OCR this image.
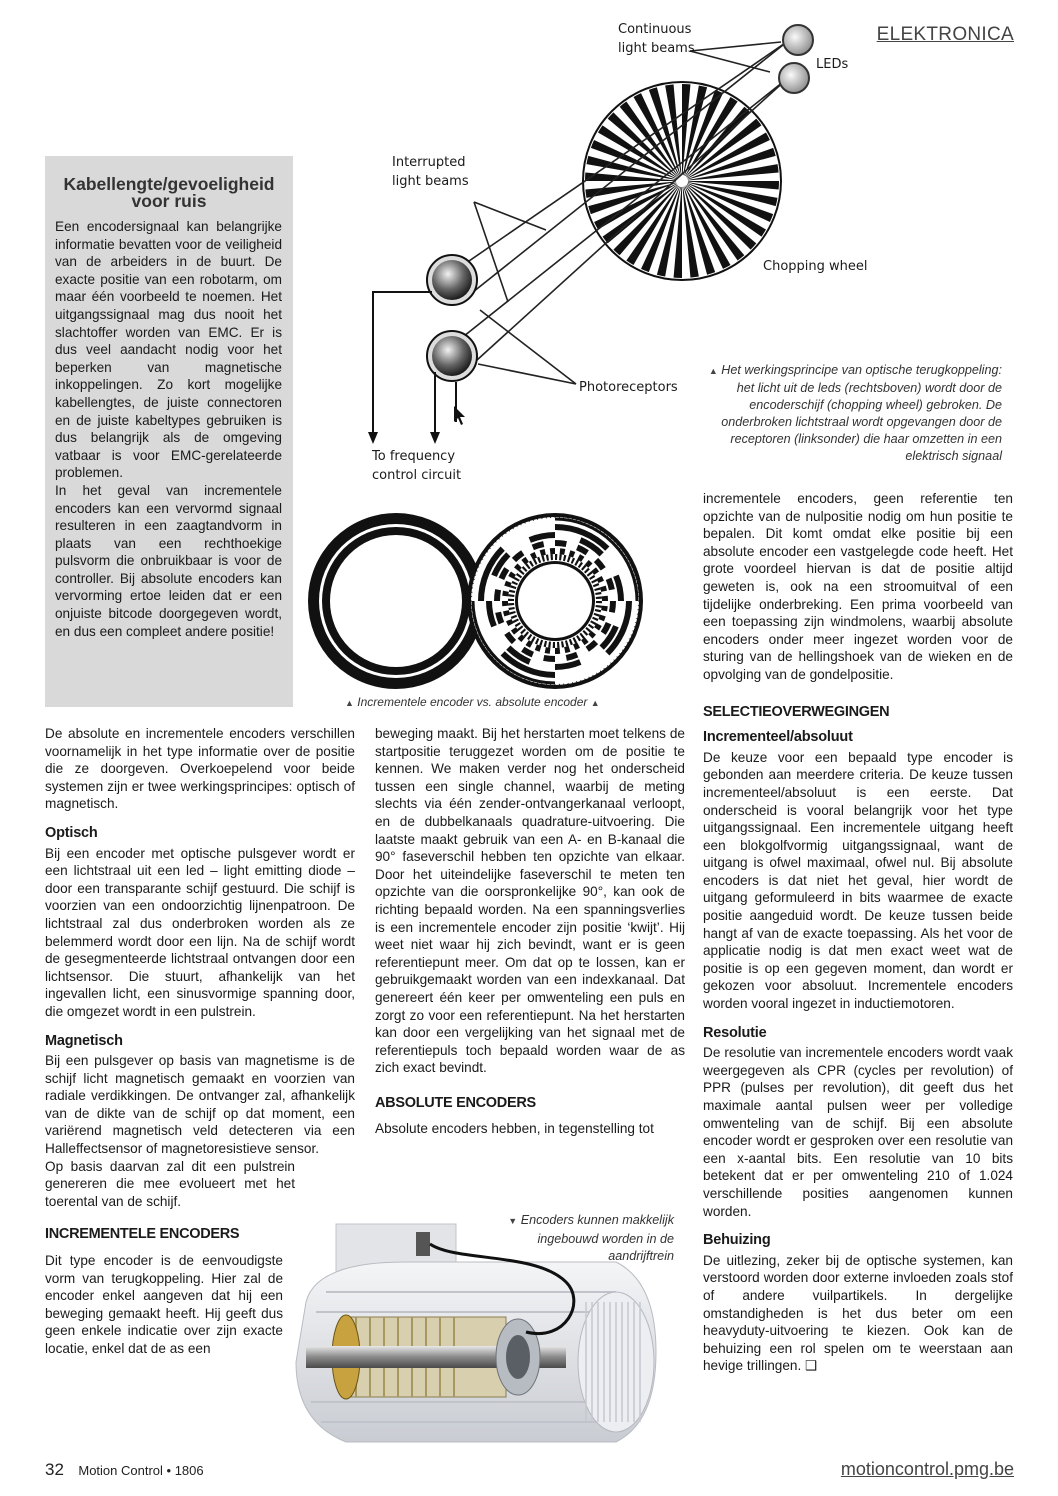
ELEKTRONICA
Kabellengte/gevoeligheid voor ruis

Een encodersignaal kan belangrijke informatie bevatten voor de veiligheid van de arbeiders in de buurt. De exacte positie van een robotarm, om maar één voorbeeld te noemen. Het uitgangssignaal mag dus nooit het slachtoffer worden van EMC. Er is dus veel aandacht nodig voor het beperken van magnetische inkoppelingen. Zo kort mogelijke kabellengtes, de juiste connectoren en de juiste kabeltypes gebruiken is dus belangrijk als de omgeving vatbaar is voor EMC-gerelateerde problemen.

In het geval van incrementele encoders kan een vervormd signaal resulteren in een zaagtandvorm in plaats van een rechthoekige pulsvorm die onbruikbaar is voor de controller. Bij absolute encoders kan vervorming ertoe leiden dat er een onjuiste bitcode doorgegeven wordt, en dus een compleet andere positie!

Continuous
light beams
LEDs
Interrupted
light beams
Chopping wheel
Photoreceptors
To frequency
control circuit
▲ Het werkingsprincipe van optische terugkoppeling: het licht uit de leds (rechtsboven) wordt door de encoderschijf (chopping wheel) gebroken. De onderbroken lichtstraal wordt opgevangen door de receptoren (linksonder) die haar omzetten in een elektrisch signaal
▲ Incrementele encoder vs. absolute encoder ▲
▼ Encoders kunnen makkelijk ingebouwd worden in de aandrijftrein

De absolute en incrementele encoders verschillen voornamelijk in het type informatie over de positie die ze doorgeven. Overkoepelend voor beide systemen zijn er twee werkingsprincipes: optisch of magnetisch.

Optisch

Bij een encoder met optische pulsgever wordt er een lichtstraal uit een led – light emitting diode – door een transparante schijf gestuurd. Die schijf is voorzien van een ondoorzichtig lijnenpatroon. De lichtstraal zal dus onderbroken worden als ze belemmerd wordt door een lijn. Na de schijf wordt de gesegmenteerde lichtstraal ontvangen door een lichtsensor. Die stuurt, afhankelijk van het ingevallen licht, een sinusvormige spanning door, die omgezet wordt in een pulstrein.

Magnetisch

Bij een pulsgever op basis van magnetisme is de schijf licht magnetisch gemaakt en voorzien van radiale verdikkingen. De ontvanger zal, afhankelijk van de dikte van de schijf op dat moment, een variërend magnetisch veld detecteren via een Halleffectsensor of magnetoresistieve sensor.

Op basis daarvan zal dit een pulstrein genereren die mee evolueert met het toerental van de schijf.

INCREMENTELE ENCODERS

Dit type encoder is de eenvoudigste vorm van terugkoppeling. Hier zal de encoder enkel aangeven dat hij een beweging gemaakt heeft. Hij geeft dus geen enkele indicatie over zijn exacte locatie, enkel dat de as een

beweging maakt. Bij het herstarten moet telkens de startpositie teruggezet worden om de positie te kennen. We maken verder nog het onderscheid tussen een single channel, waarbij de meting slechts via één zender-ontvangerkanaal verloopt, en de dubbelkanaals quadrature-uitvoering. Die laatste maakt gebruik van een A- en B-kanaal die 90° faseverschil hebben ten opzichte van elkaar. Door het uiteindelijke faseverschil te meten ten opzichte van die oorspronkelijke 90°, kan ook de richting bepaald worden. Na een spanningsverlies is een incrementele encoder zijn positie ‘kwijt’. Hij weet niet waar hij zich bevindt, want er is geen referentiepunt meer. Om dat op te lossen, kan er gebruikgemaakt worden van een indexkanaal. Dat genereert één keer per omwenteling een puls en zorgt zo voor een referentiepunt. Na het herstarten kan door een vergelijking van het signaal met de referentiepuls toch bepaald worden waar de as zich exact bevindt.

ABSOLUTE ENCODERS

Absolute encoders hebben, in tegenstelling tot

incrementele encoders, geen referentie ten opzichte van de nulpositie nodig om hun positie te bepalen. Dit komt omdat elke positie bij een absolute encoder een vastgelegde code heeft. Het grote voordeel hiervan is dat de positie altijd geweten is, ook na een stroomuitval of een tijdelijke onderbreking. Een prima voorbeeld van een toepassing zijn windmolens, waarbij absolute encoders onder meer ingezet worden voor de sturing van de hellingshoek van de wieken en de opvolging van de gondelpositie.

SELECTIEOVERWEGINGEN
Incrementeel/absoluut

De keuze voor een bepaald type encoder is gebonden aan meerdere criteria. De keuze tussen incrementeel/absoluut is een eerste. Dat onderscheid is vooral belangrijk voor het type uitgangssignaal. Een incrementele uitgang heeft een blokgolfvormig uitgangssignaal, want de uitgang is ofwel maximaal, ofwel nul. Bij absolute encoders is dat niet het geval, hier wordt de uitgang geformuleerd in bits waarmee de exacte positie aangeduid wordt. De keuze tussen beide hangt af van de exacte toepassing. Als het voor de applicatie nodig is dat men exact weet wat de positie is op een gegeven moment, dan wordt er gekozen voor absoluut. Incrementele encoders worden vooral ingezet in inductiemotoren.

Resolutie

De resolutie van incrementele encoders wordt vaak weergegeven als CPR (cycles per revolution) of PPR (pulses per revolution), dit geeft dus het maximale aantal pulsen weer per volledige omwenteling van de schijf. Bij een absolute encoder wordt er gesproken over een resolutie van een x-aantal bits. Een resolutie van 10 bits betekent dat er per omwenteling 210 of 1.024 verschillende posities aangenomen kunnen worden.

Behuizing

De uitlezing, zeker bij de optische systemen, kan verstoord worden door externe invloeden zoals stof of andere vuilpartikels. In dergelijke omstandigheden is het dus beter om een heavyduty-uitvoering te kiezen. Ook kan de behuizing een rol spelen om te weerstaan aan hevige trillingen. ❑

32 Motion Control • 1806	motioncontrol.pmg.be
